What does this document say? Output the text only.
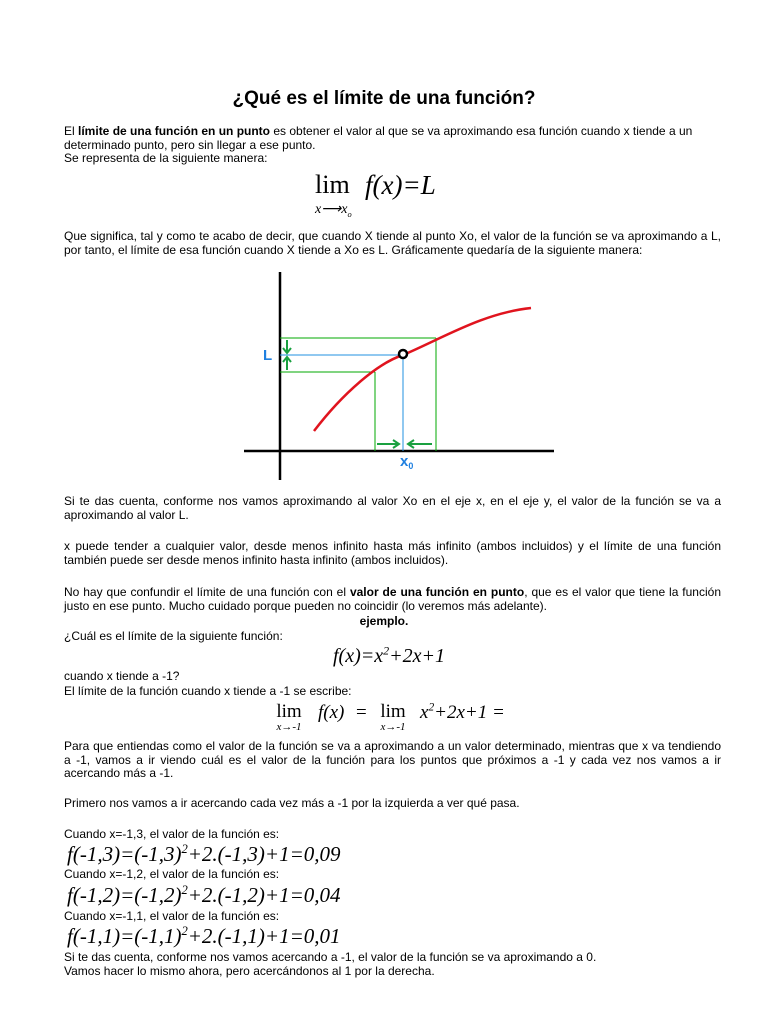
¿Qué es el límite de una función?

El límite de una función en un punto es obtener el valor al que se va aproximando esa función cuando x tiende a un determinado punto, pero sin llegar a ese punto.
Se representa de la siguiente manera:

lim
$x⟶x_o$
f(x)=L

Que significa, tal y como te acabo de decir, que cuando X tiende al punto Xo, el valor de la función se va aproximando a L, por tanto, el límite de esa función cuando X tiende a Xo es L. Gráficamente quedaría de la siguiente manera:

L
$x_0$

Si te das cuenta, conforme nos vamos aproximando al valor Xo en el eje x, en el eje y, el valor de la función se va a aproximando al valor L.

x puede tender a cualquier valor, desde menos infinito hasta más infinito (ambos incluidos) y el límite de una función también puede ser desde menos infinito hasta infinito (ambos incluidos).

No hay que confundir el límite de una función con el valor de una función en punto, que es el valor que tiene la función justo en ese punto. Mucho cuidado porque pueden no coincidir (lo veremos más adelante).

ejemplo.

¿Cuál es el límite de la siguiente función:

$f(x)=x^2+2x+1$

cuando x tiende a -1?

El límite de la función cuando x tiende a -1 se escribe:

lim
x→-1
f(x) = lim
x→-1
$x^2+2x+1$ =

Para que entiendas como el valor de la función se va a aproximando a un valor determinado, mientras que x va tendiendo a -1, vamos a ir viendo cuál es el valor de la función para los puntos que próximos a -1 y cada vez nos vamos a ir acercando más a -1.

Primero nos vamos a ir acercando cada vez más a -1 por la izquierda a ver qué pasa.

Cuando x=-1,3, el valor de la función es:

$f(-1,3)=(-1,3)^2+2.(-1,3)+1=0,09$

Cuando x=-1,2, el valor de la función es:

$f(-1,2)=(-1,2)^2+2.(-1,2)+1=0,04$

Cuando x=-1,1, el valor de la función es:

$f(-1,1)=(-1,1)^2+2.(-1,1)+1=0,01$

Si te das cuenta, conforme nos vamos acercando a -1, el valor de la función se va aproximando a 0.

Vamos hacer lo mismo ahora, pero acercándonos al 1 por la derecha.
